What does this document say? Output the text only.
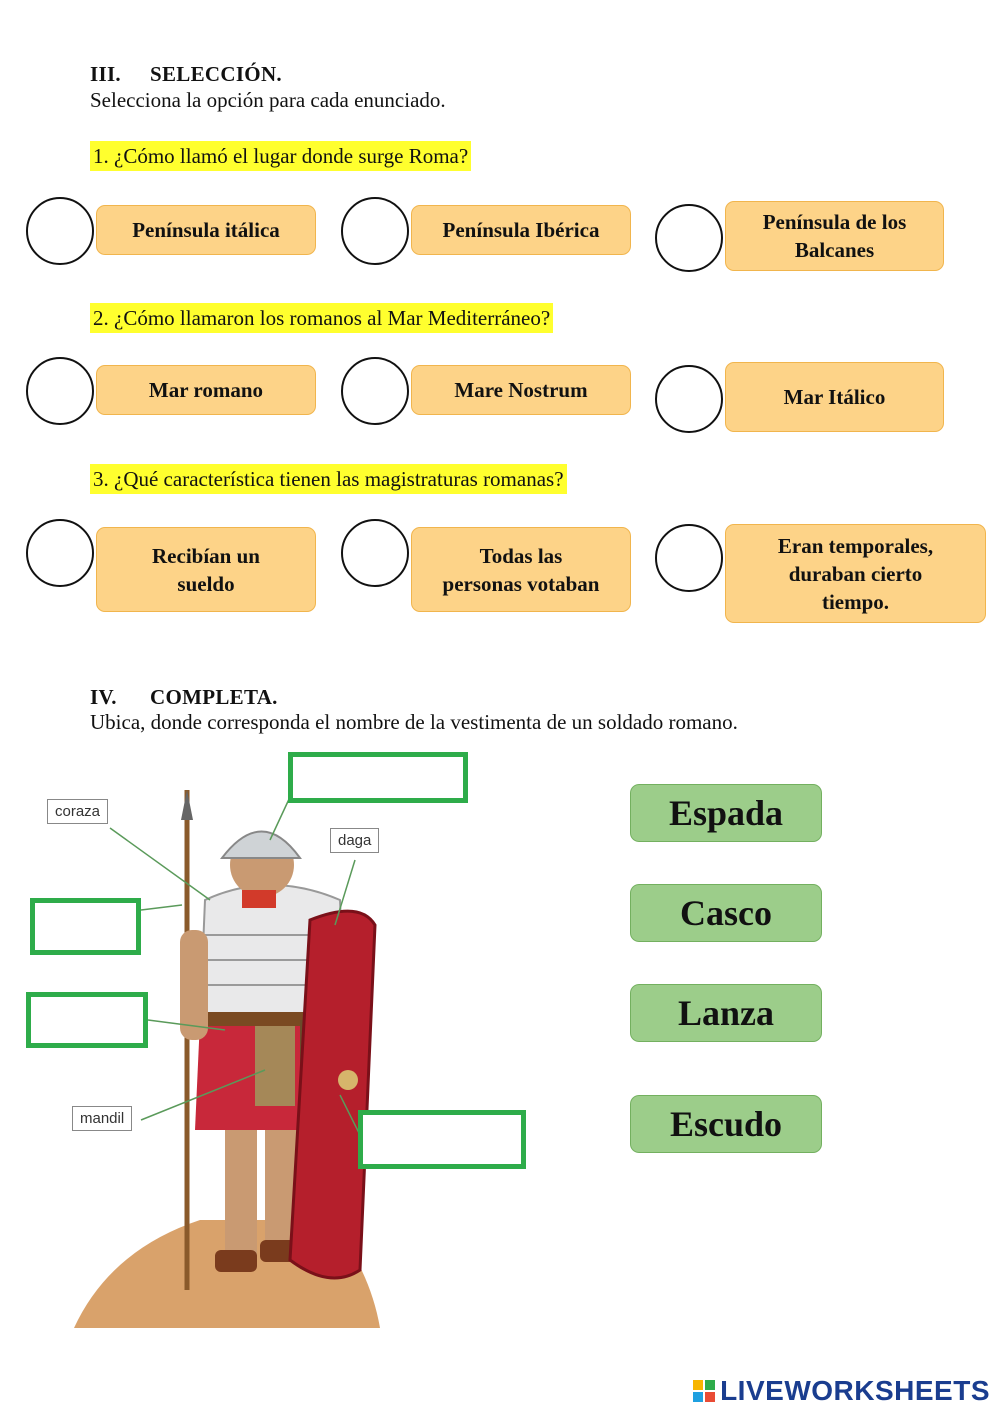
III. SELECCIÓN.
Selecciona la opción para cada enunciado.
1. ¿Cómo llamó el lugar donde surge Roma?
Península itálica	Península Ibérica	Península de los
Balcanes
2. ¿Cómo llamaron los romanos al Mar Mediterráneo?
Mar romano	Mare Nostrum	Mar Itálico
3. ¿Qué característica tienen las magistraturas romanas?
Recibían un
sueldo
Todas las
personas votaban
Eran temporales,
duraban cierto
tiempo.
IV. COMPLETA.
Ubica, donde corresponda el nombre de la vestimenta de un soldado romano.
coraza
daga
mandil
Espada
Casco
Lanza
Escudo
LIVEWORKSHEETS
